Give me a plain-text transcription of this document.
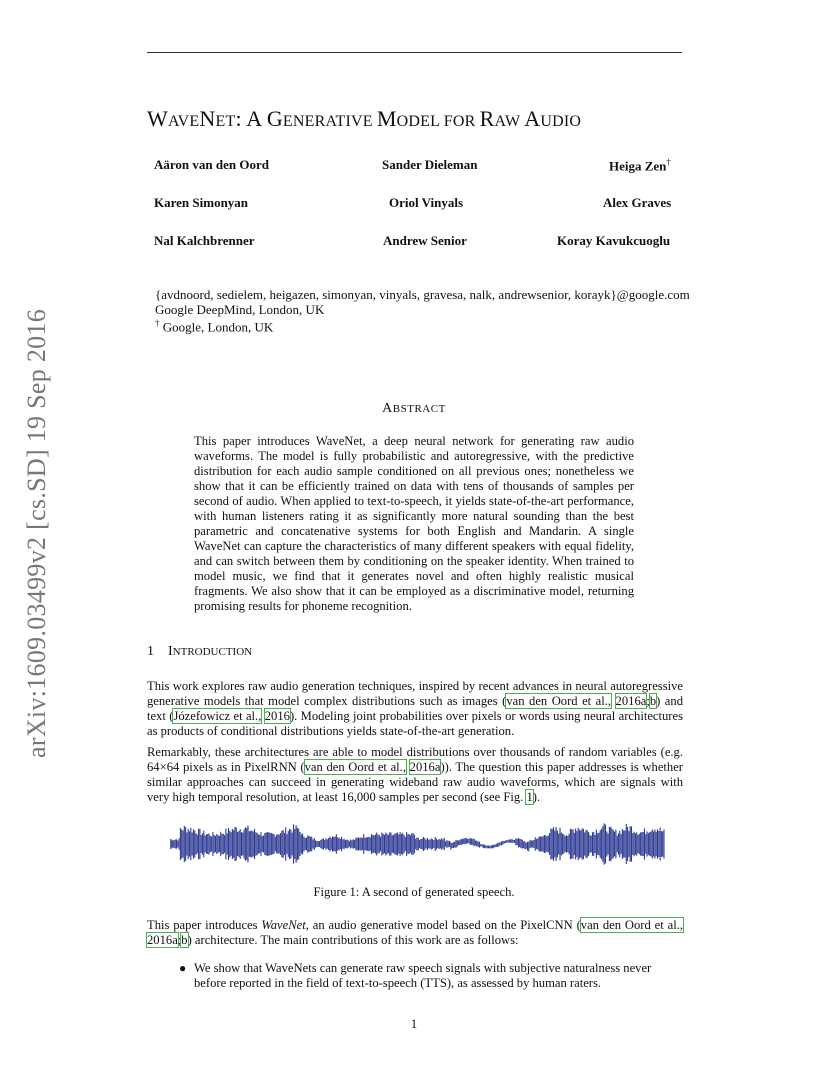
arXiv:1609.03499v2 [cs.SD] 19 Sep 2016
WAVENET: A GENERATIVE MODEL FOR RAW AUDIO
Aäron van den Oord	Sander Dieleman	Heiga Zen†
Karen Simonyan	Oriol Vinyals	Alex Graves
Nal Kalchbrenner	Andrew Senior	Koray Kavukcuoglu
{avdnoord, sedielem, heigazen, simonyan, vinyals, gravesa, nalk, andrewsenior, korayk}@google.com
Google DeepMind, London, UK
† Google, London, UK
ABSTRACT
This paper introduces WaveNet, a deep neural network for generating raw audio waveforms. The model is fully probabilistic and autoregressive, with the predictive distribution for each audio sample conditioned on all previous ones; nonetheless we show that it can be efficiently trained on data with tens of thousands of samples per second of audio. When applied to text-to-speech, it yields state-of-the-art performance, with human listeners rating it as significantly more natural sounding than the best parametric and concatenative systems for both English and Mandarin. A single WaveNet can capture the characteristics of many different speakers with equal fidelity, and can switch between them by conditioning on the speaker identity. When trained to model music, we find that it generates novel and often highly realistic musical fragments. We also show that it can be employed as a discriminative model, returning promising results for phoneme recognition.
1 INTRODUCTION
This work explores raw audio generation techniques, inspired by recent advances in neural autoregressive generative models that model complex distributions such as images (van den Oord et al., 2016a;b) and text (Józefowicz et al., 2016). Modeling joint probabilities over pixels or words using neural architectures as products of conditional distributions yields state-of-the-art generation.
Remarkably, these architectures are able to model distributions over thousands of random variables (e.g. 64×64 pixels as in PixelRNN (van den Oord et al., 2016a)). The question this paper addresses is whether similar approaches can succeed in generating wideband raw audio waveforms, which are signals with very high temporal resolution, at least 16,000 samples per second (see Fig. 1).
Figure 1: A second of generated speech.
This paper introduces WaveNet, an audio generative model based on the PixelCNN (van den Oord et al., 2016a;b) architecture. The main contributions of this work are as follows:
● We show that WaveNets can generate raw speech signals with subjective naturalness never before reported in the field of text-to-speech (TTS), as assessed by human raters.
1
